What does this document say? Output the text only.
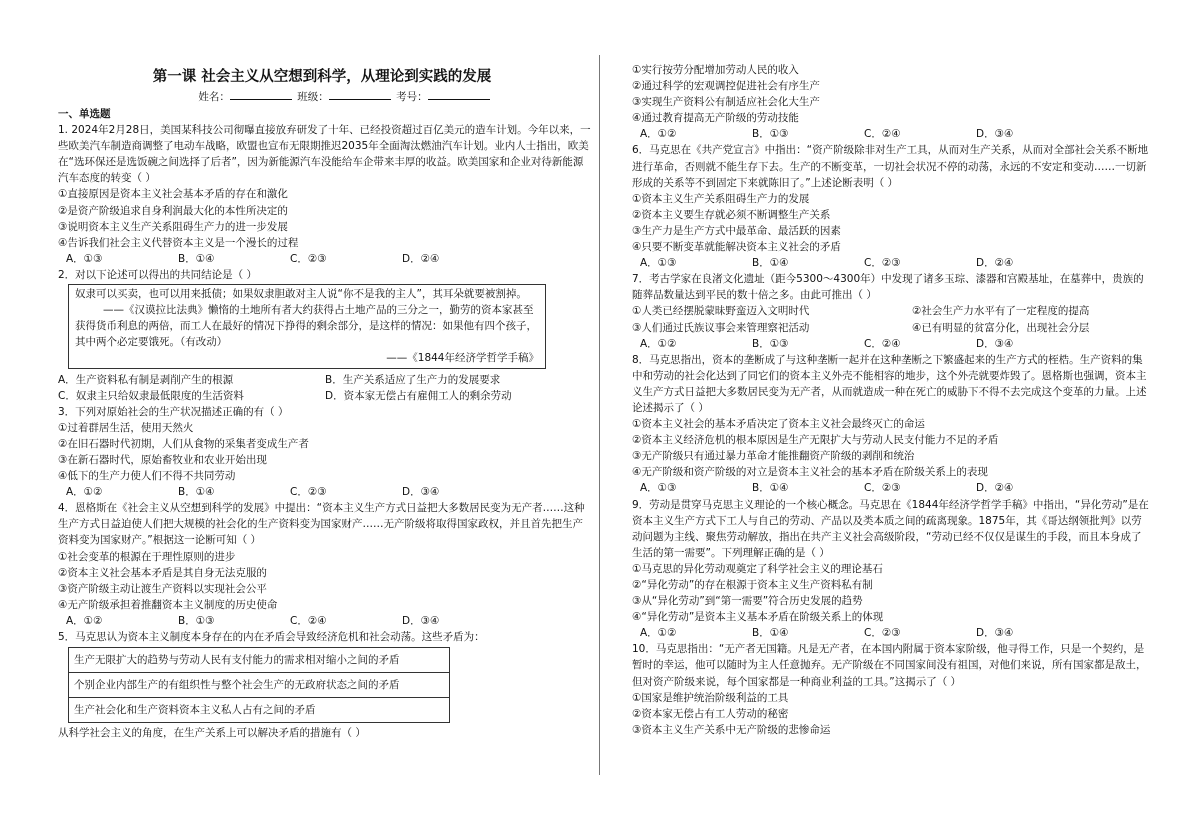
第一课 社会主义从空想到科学，从理论到实践的发展
姓名：	班级：	考号：

一、单选题

1. 2024年2月28日，美国某科技公司彻曝直接放弃研发了十年、已经投资超过百亿美元的造车计划。今年以来，一些欧美汽车制造商调整了电动车战略，欧盟也宣布无限期推迟2035年全面淘汰燃油汽车计划。业内人士指出，欧美在“选环保还是选饭碗之间选择了后者”，因为新能源汽车没能给车企带来丰厚的收益。欧美国家和企业对待新能源汽车态度的转变（ ）

①直接原因是资本主义社会基本矛盾的存在和激化

②是资产阶级追求自身利润最大化的本性所决定的

③说明资本主义生产关系阻碍生产力的进一步发展

④告诉我们社会主义代替资本主义是一个漫长的过程

A．①③	B．①④	C．②③	D．②④

2．对以下论述可以得出的共同结论是（ ）

奴隶可以买卖，也可以用来抵债；如果奴隶胆敢对主人说“你不是我的主人”，其耳朵就要被割掉。

——《汉谟拉比法典》懒惰的土地所有者大约获得占土地产品的三分之一，勤劳的资本家甚至获得货币利息的两倍，而工人在最好的情况下挣得的剩余部分，是这样的情况：如果他有四个孩子，其中两个必定要饿死。（有改动）

——《1844年经济学哲学手稿》

A．生产资料私有制是剥削产生的根源	B．生产关系适应了生产力的发展要求
C．奴隶主只给奴隶最低限度的生活资料	D．资本家无偿占有雇佣工人的剩余劳动

3．下列对原始社会的生产状况描述正确的有（ ）

①过着群居生活，使用天然火

②在旧石器时代初期，人们从食物的采集者变成生产者

③在新石器时代，原始畜牧业和农业开始出现

④低下的生产力使人们不得不共同劳动

A．①②	B．①④	C．②③	D．③④

4．恩格斯在《社会主义从空想到科学的发展》中提出：“资本主义生产方式日益把大多数居民变为无产者……这种生产方式日益迫使人们把大规模的社会化的生产资料变为国家财产……无产阶级将取得国家政权，并且首先把生产资料变为国家财产。”根据这一论断可知（ ）

①社会变革的根源在于理性原则的进步

②资本主义社会基本矛盾是其自身无法克服的

③资产阶级主动让渡生产资料以实现社会公平

④无产阶级承担着推翻资本主义制度的历史使命

A．①②	B．①③	C．②④	D．③④

5．马克思认为资本主义制度本身存在的内在矛盾会导致经济危机和社会动荡。这些矛盾为：

生产无限扩大的趋势与劳动人民有支付能力的需求相对缩小之间的矛盾
个别企业内部生产的有组织性与整个社会生产的无政府状态之间的矛盾
生产社会化和生产资料资本主义私人占有之间的矛盾

从科学社会主义的角度，在生产关系上可以解决矛盾的措施有（ ）

①实行按劳分配增加劳动人民的收入

②通过科学的宏观调控促进社会有序生产

③实现生产资料公有制适应社会化大生产

④通过教育提高无产阶级的劳动技能

A．①②	B．①③	C．②④	D．③④

6．马克思在《共产党宣言》中指出：“资产阶级除非对生产工具，从而对生产关系，从而对全部社会关系不断地进行革命，否则就不能生存下去。生产的不断变革，一切社会状况不停的动荡，永远的不安定和变动……一切新形成的关系等不到固定下来就陈旧了。”上述论断表明（ ）

①资本主义生产关系阻碍生产力的发展

②资本主义要生存就必须不断调整生产关系

③生产力是生产方式中最革命、最活跃的因素

④只要不断变革就能解决资本主义社会的矛盾

A．①③	B．①④	C．②③	D．②④

7．考古学家在良渚文化遗址（距今5300～4300年）中发现了诸多玉琮、漆器和宫殿基址，在墓葬中，贵族的随葬品数量达到平民的数十倍之多。由此可推出（ ）

①人类已经摆脱蒙昧野蛮迈入文明时代	②社会生产力水平有了一定程度的提高
③人们通过氏族议事会来管理察祀活动	④已有明显的贫富分化，出现社会分层
A．①②	B．①③	C．②④	D．③④

8．马克思指出，资本的垄断成了与这种垄断一起并在这种垄断之下繁盛起来的生产方式的桎梏。生产资料的集中和劳动的社会化达到了同它们的资本主义外壳不能相容的地步，这个外壳就要炸毁了。恩格斯也强调，资本主义生产方式日益把大多数居民变为无产者，从而就造成一种在死亡的威胁下不得不去完成这个变革的力量。上述论述揭示了（ ）

①资本主义社会的基本矛盾决定了资本主义社会最终灭亡的命运

②资本主义经济危机的根本原因是生产无限扩大与劳动人民支付能力不足的矛盾

③无产阶级只有通过暴力革命才能推翻资产阶级的剥削和统治

④无产阶级和资产阶级的对立是资本主义社会的基本矛盾在阶级关系上的表现

A．①③	B．①④	C．②③	D．②④

9．劳动是贯穿马克思主义理论的一个核心概念。马克思在《1844年经济学哲学手稿》中指出，“异化劳动”是在资本主义生产方式下工人与自己的劳动、产品以及类本质之间的疏离现象。1875年，其《哥达纲领批判》以劳动问题为主线、聚焦劳动解放，指出在共产主义社会高级阶段，“劳动已经不仅仅是谋生的手段，而且本身成了生活的第一需要”。下列理解正确的是（ ）

①马克思的异化劳动观奠定了科学社会主义的理论基石

②“异化劳动”的存在根源于资本主义生产资料私有制

③从“异化劳动”到“第一需要”符合历史发展的趋势

④“异化劳动”是资本主义基本矛盾在阶级关系上的体现

A．①②	B．①④	C．②③	D．③④

10．马克思指出：“无产者无国籍。凡是无产者，在本国内附属于资本家阶级，他寻得工作，只是一个契约，是暂时的幸运，他可以随时为主人任意抛弃。无产阶级在不同国家间没有祖国，对他们来说，所有国家都是敌土，但对资产阶级来说，每个国家都是一种商业利益的工具。”这揭示了（ ）

①国家是维护统治阶级利益的工具

②资本家无偿占有工人劳动的秘密

③资本主义生产关系中无产阶级的悲惨命运
